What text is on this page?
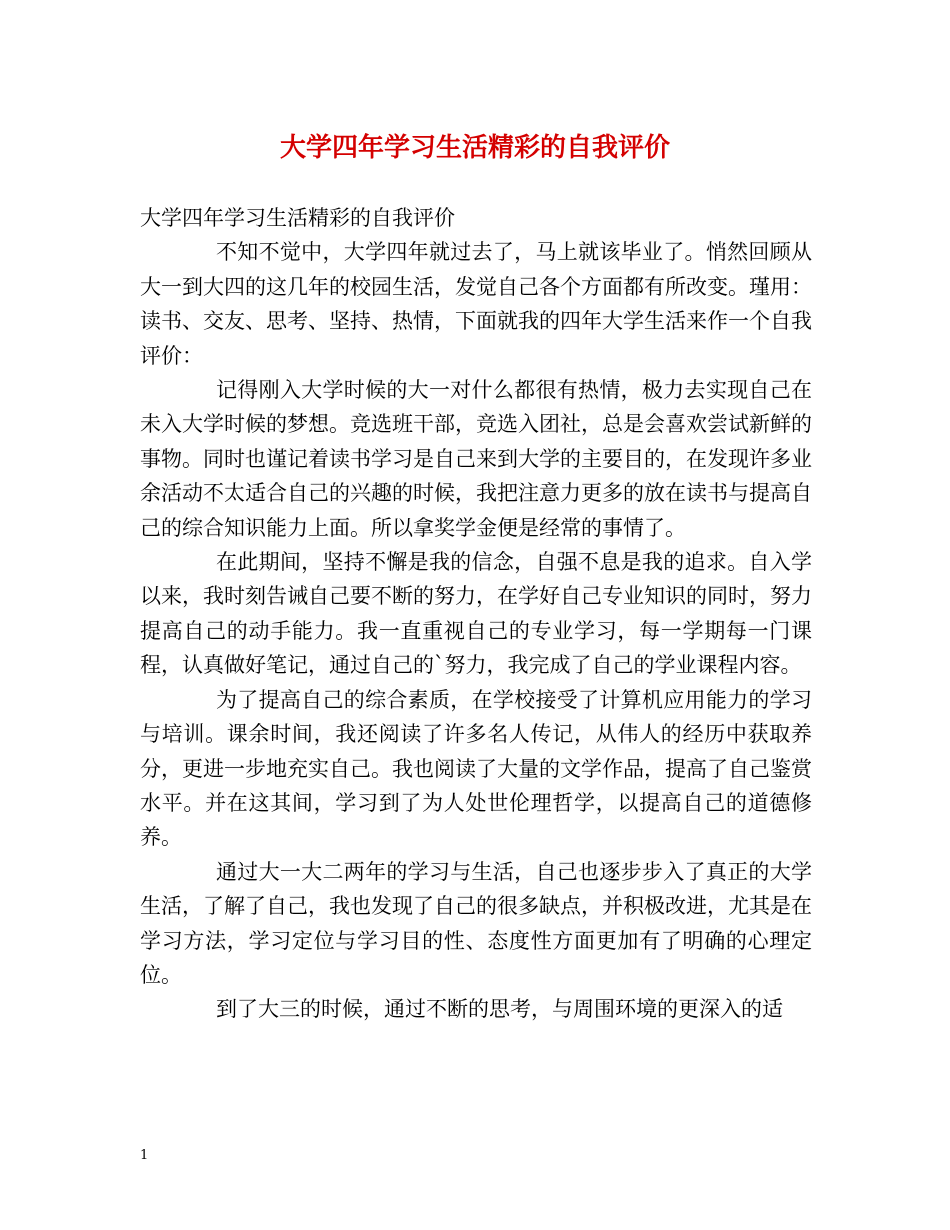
大学四年学习生活精彩的自我评价

大学四年学习生活精彩的自我评价

不知不觉中，大学四年就过去了，马上就该毕业了。悄然回顾从大一到大四的这几年的校园生活，发觉自己各个方面都有所改变。瑾用：读书、交友、思考、坚持、热情，下面就我的四年大学生活来作一个自我评价：

记得刚入大学时候的大一对什么都很有热情，极力去实现自己在未入大学时候的梦想。竞选班干部，竞选入团社，总是会喜欢尝试新鲜的事物。同时也谨记着读书学习是自己来到大学的主要目的，在发现许多业余活动不太适合自己的兴趣的时候，我把注意力更多的放在读书与提高自己的综合知识能力上面。所以拿奖学金便是经常的事情了。

在此期间，坚持不懈是我的信念，自强不息是我的追求。自入学以来，我时刻告诫自己要不断的努力，在学好自己专业知识的同时，努力提高自己的动手能力。我一直重视自己的专业学习，每一学期每一门课程，认真做好笔记，通过自己的`努力，我完成了自己的学业课程内容。

为了提高自己的综合素质，在学校接受了计算机应用能力的学习与培训。课余时间，我还阅读了许多名人传记，从伟人的经历中获取养分，更进一步地充实自己。我也阅读了大量的文学作品，提高了自己鉴赏水平。并在这其间，学习到了为人处世伦理哲学，以提高自己的道德修养。

通过大一大二两年的学习与生活，自己也逐步步入了真正的大学生活，了解了自己，我也发现了自己的很多缺点，并积极改进，尤其是在学习方法，学习定位与学习目的性、态度性方面更加有了明确的心理定位。

到了大三的时候，通过不断的思考，与周围环境的更深入的适

1
